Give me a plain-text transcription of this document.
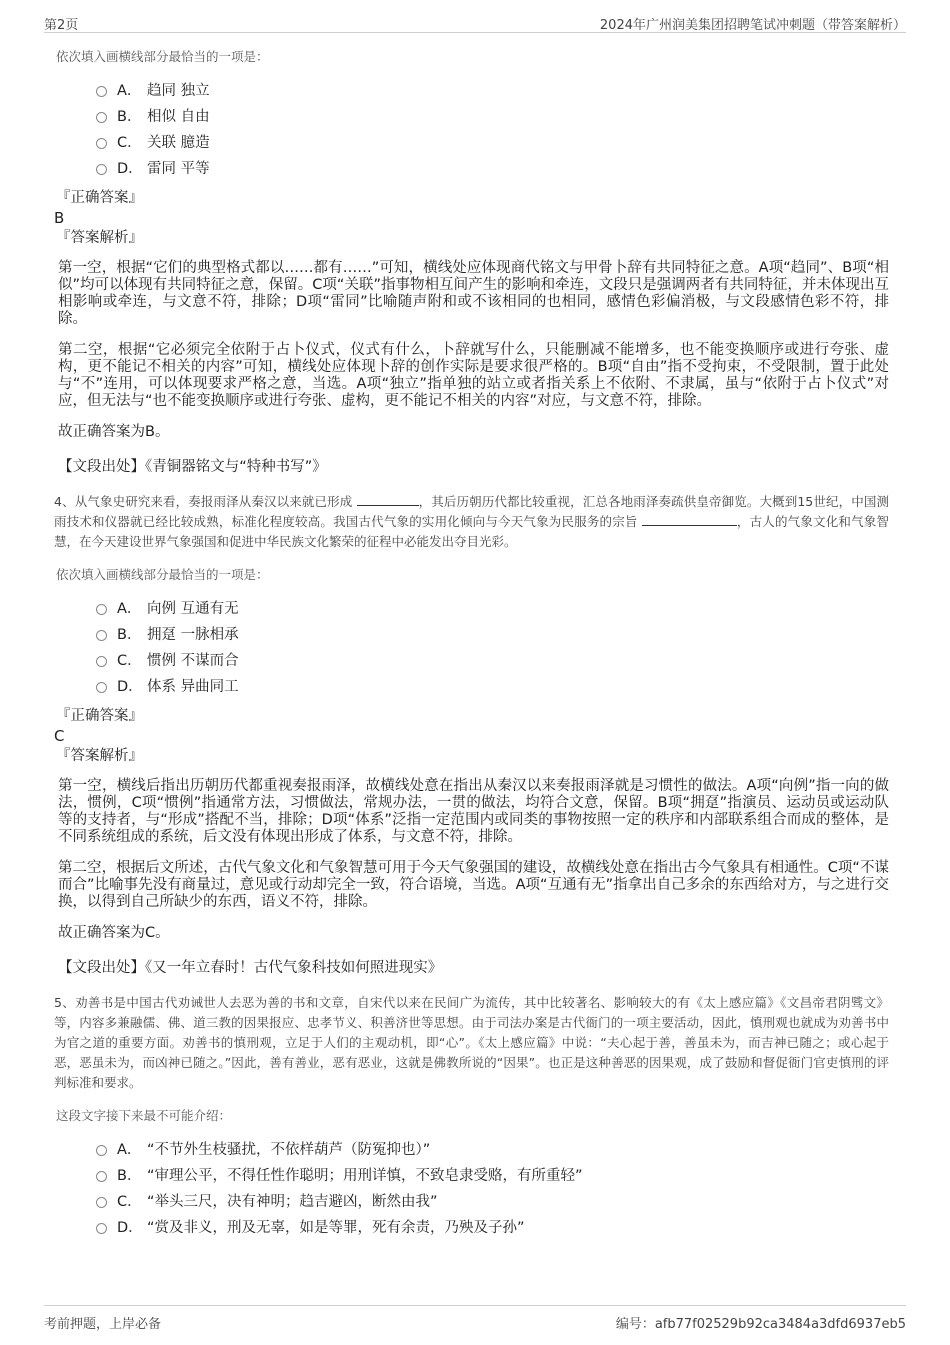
第2页	2024年广州润美集团招聘笔试冲刺题（带答案解析）
依次填入画横线部分最恰当的一项是：
A． 趋同 独立
B． 相似 自由
C． 关联 臆造
D． 雷同 平等
『正确答案』
B
『答案解析』
第一空，根据“它们的典型格式都以……都有……”可知，横线处应体现商代铭文与甲骨卜辞有共同特征之意。A项“趋同”、B项“相似”均可以体现有共同特征之意，保留。C项“关联”指事物相互间产生的影响和牵连，文段只是强调两者有共同特征，并未体现出互相影响或牵连，与文意不符，排除；D项“雷同”比喻随声附和或不该相同的也相同，感情色彩偏消极，与文段感情色彩不符，排除。
第二空，根据“它必须完全依附于占卜仪式，仪式有什么，卜辞就写什么，只能删减不能增多，也不能变换顺序或进行夸张、虚构，更不能记不相关的内容”可知，横线处应体现卜辞的创作实际是要求很严格的。B项“自由”指不受拘束，不受限制，置于此处与“不”连用，可以体现要求严格之意，当选。A项“独立”指单独的站立或者指关系上不依附、不隶属，虽与“依附于占卜仪式”对应，但无法与“也不能变换顺序或进行夸张、虚构，更不能记不相关的内容”对应，与文意不符，排除。
故正确答案为B。
【文段出处】《青铜器铭文与“特种书写”》
4、从气象史研究来看，奏报雨泽从秦汉以来就已形成	，其后历朝历代都比较重视，汇总各地雨泽奏疏供皇帝御览。大概到15世纪，中国测雨技术和仪器就已经比较成熟，标准化程度较高。我国古代气象的实用化倾向与今天气象为民服务的宗旨	，古人的气象文化和气象智慧，在今天建设世界气象强国和促进中华民族文化繁荣的征程中必能发出夺目光彩。
依次填入画横线部分最恰当的一项是：
A． 向例 互通有无
B． 拥趸 一脉相承
C． 惯例 不谋而合
D． 体系 异曲同工
『正确答案』
C
『答案解析』
第一空，横线后指出历朝历代都重视奏报雨泽，故横线处意在指出从秦汉以来奏报雨泽就是习惯性的做法。A项“向例”指一向的做法，惯例，C项“惯例”指通常方法，习惯做法，常规办法，一贯的做法，均符合文意，保留。B项“拥趸”指演员、运动员或运动队等的支持者，与“形成”搭配不当，排除；D项“体系”泛指一定范围内或同类的事物按照一定的秩序和内部联系组合而成的整体，是不同系统组成的系统，后文没有体现出形成了体系，与文意不符，排除。
第二空，根据后文所述，古代气象文化和气象智慧可用于今天气象强国的建设，故横线处意在指出古今气象具有相通性。C项“不谋而合”比喻事先没有商量过，意见或行动却完全一致，符合语境，当选。A项“互通有无”指拿出自己多余的东西给对方，与之进行交换，以得到自己所缺少的东西，语义不符，排除。
故正确答案为C。
【文段出处】《又一年立春时！古代气象科技如何照进现实》
5、劝善书是中国古代劝诫世人去恶为善的书和文章，自宋代以来在民间广为流传，其中比较著名、影响较大的有《太上感应篇》《文昌帝君阴骘文》等，内容多兼融儒、佛、道三教的因果报应、忠孝节义、积善济世等思想。由于司法办案是古代衙门的一项主要活动，因此，慎刑观也就成为劝善书中为官之道的重要方面。劝善书的慎刑观，立足于人们的主观动机，即“心”。《太上感应篇》中说：“夫心起于善，善虽未为，而吉神已随之；或心起于恶，恶虽未为，而凶神已随之。”因此，善有善业，恶有恶业，这就是佛教所说的“因果”。也正是这种善恶的因果观，成了鼓励和督促衙门官吏慎刑的评判标准和要求。
这段文字接下来最不可能介绍：
A． “不节外生枝骚扰，不依样葫芦（防冤抑也）”
B． “审理公平，不得任性作聪明；用刑详慎，不致皂隶受赂，有所重轻”
C． “举头三尺，决有神明；趋吉避凶，断然由我”
D． “赏及非义，刑及无辜，如是等罪，死有余责，乃殃及子孙”
考前押题，上岸必备	编号：afb77f02529b92ca3484a3dfd6937eb5
